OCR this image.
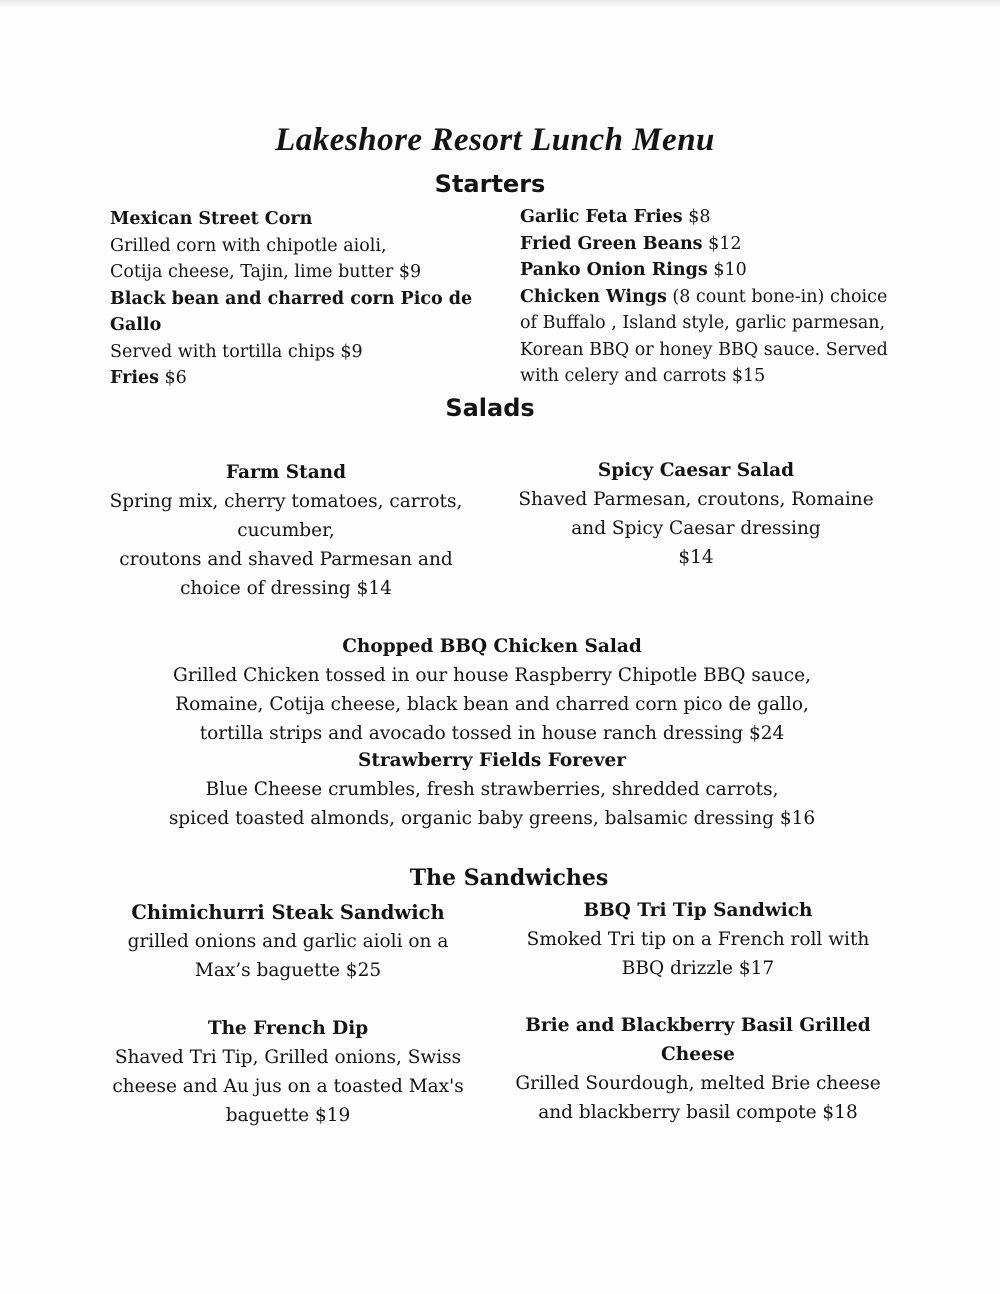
Lakeshore Resort Lunch Menu
Starters
Mexican Street Corn
Grilled corn with chipotle aioli,
Cotija cheese, Tajin, lime butter $9
Black bean and charred corn Pico de
Gallo
Served with tortilla chips $9
Fries $6
Garlic Feta Fries $8
Fried Green Beans $12
Panko Onion Rings $10
Chicken Wings (8 count bone-in) choice
of Buffalo , Island style, garlic parmesan,
Korean BBQ or honey BBQ sauce. Served
with celery and carrots $15
Salads
Farm Stand
Spring mix, cherry tomatoes, carrots,
cucumber,
croutons and shaved Parmesan and
choice of dressing $14
Spicy Caesar Salad
Shaved Parmesan, croutons, Romaine
and Spicy Caesar dressing
$14
Chopped BBQ Chicken Salad
Grilled Chicken tossed in our house Raspberry Chipotle BBQ sauce,
Romaine, Cotija cheese, black bean and charred corn pico de gallo,
tortilla strips and avocado tossed in house ranch dressing $24
Strawberry Fields Forever
Blue Cheese crumbles, fresh strawberries, shredded carrots,
spiced toasted almonds, organic baby greens, balsamic dressing $16
The Sandwiches
Chimichurri Steak Sandwich
grilled onions and garlic aioli on a
Max’s baguette $25
BBQ Tri Tip Sandwich
Smoked Tri tip on a French roll with
BBQ drizzle $17
The French Dip
Shaved Tri Tip, Grilled onions, Swiss
cheese and Au jus on a toasted Max's
baguette $19
Brie and Blackberry Basil Grilled
Cheese
Grilled Sourdough, melted Brie cheese
and blackberry basil compote $18
